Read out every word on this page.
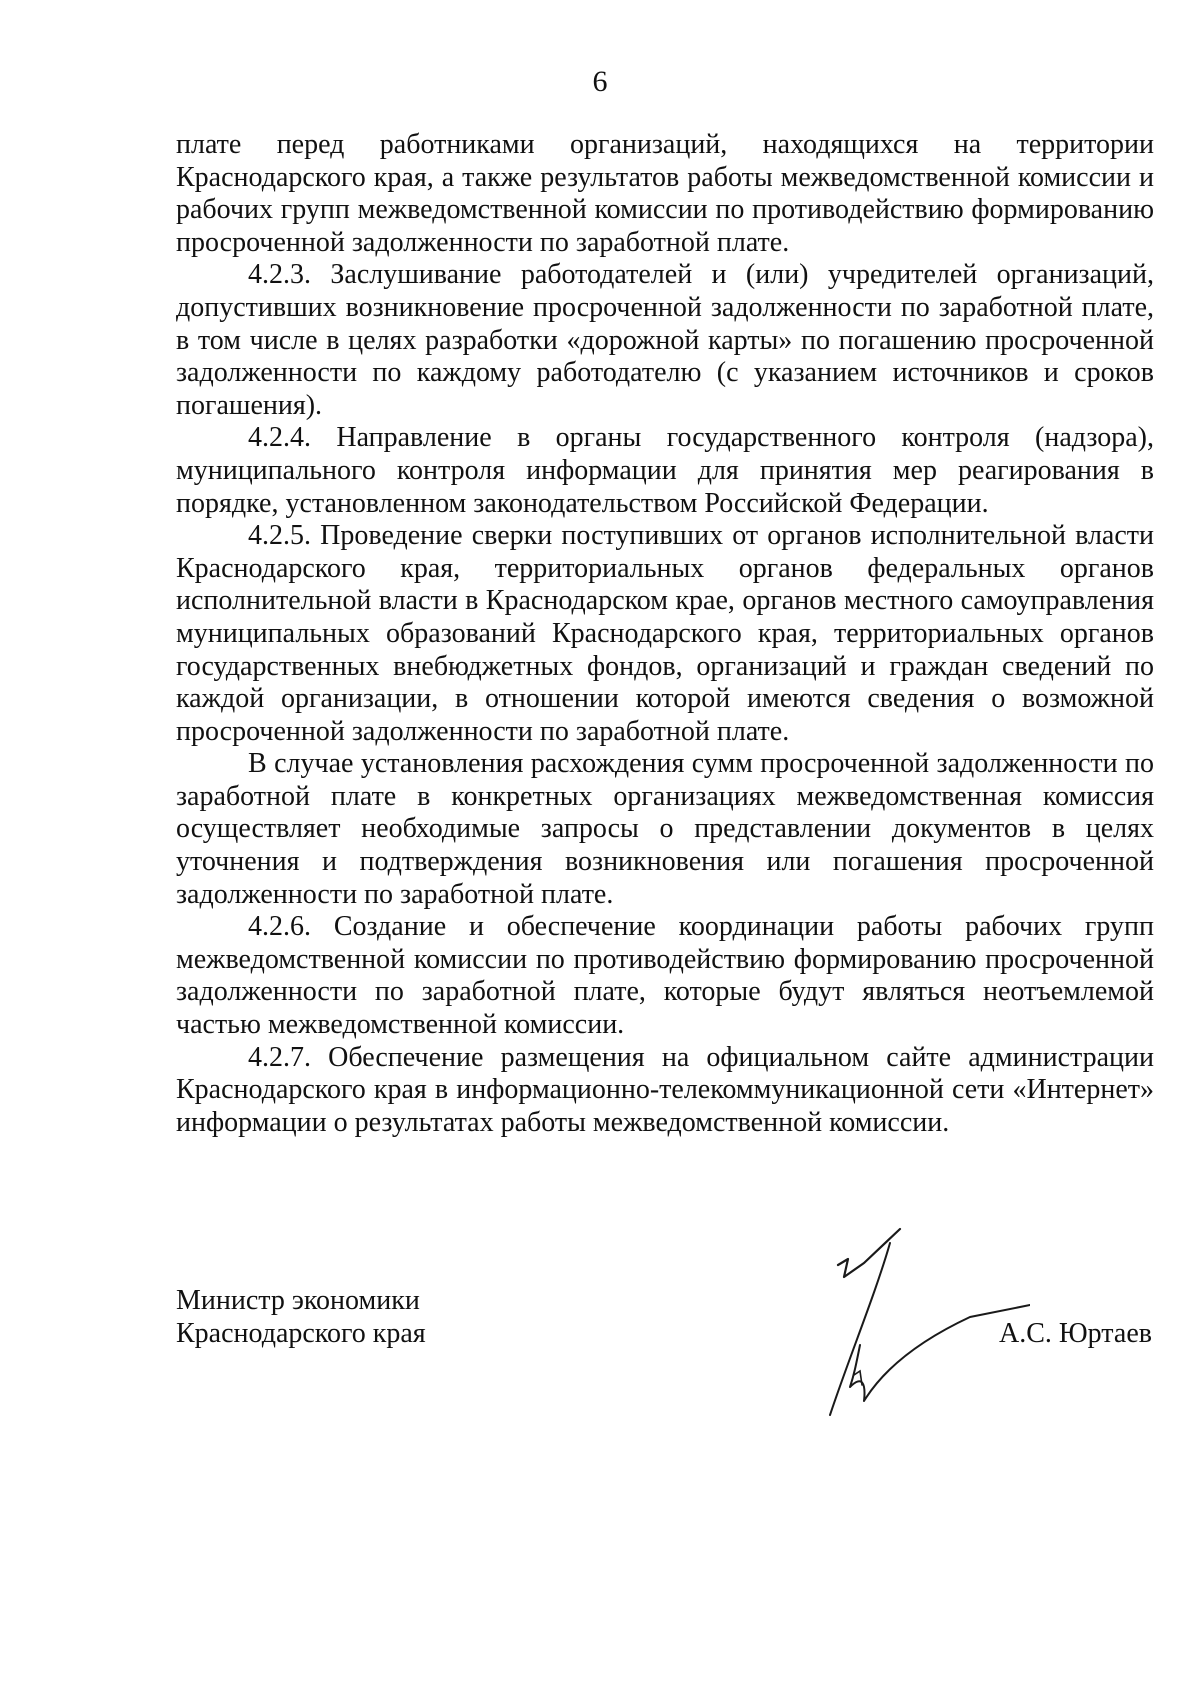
6

плате перед работниками организаций, находящихся на территории Краснодарского края, а также результатов работы межведомственной комиссии и рабочих групп межведомственной комиссии по противодействию формированию просроченной задолженности по заработной плате.

4.2.3. Заслушивание работодателей и (или) учредителей организаций, допустивших возникновение просроченной задолженности по заработной плате, в том числе в целях разработки «дорожной карты» по погашению просроченной задолженности по каждому работодателю (с указанием источников и сроков погашения).

4.2.4. Направление в органы государственного контроля (надзора), муниципального контроля информации для принятия мер реагирования в порядке, установленном законодательством Российской Федерации.

4.2.5. Проведение сверки поступивших от органов исполнительной власти Краснодарского края, территориальных органов федеральных органов исполнительной власти в Краснодарском крае, органов местного самоуправления муниципальных образований Краснодарского края, территориальных органов государственных внебюджетных фондов, организаций и граждан сведений по каждой организации, в отношении которой имеются сведения о возможной просроченной задолженности по заработной плате.

В случае установления расхождения сумм просроченной задолженности по заработной плате в конкретных организациях межведомственная комиссия осуществляет необходимые запросы о представлении документов в целях уточнения и подтверждения возникновения или погашения просроченной задолженности по заработной плате.

4.2.6. Создание и обеспечение координации работы рабочих групп межведомственной комиссии по противодействию формированию просроченной задолженности по заработной плате, которые будут являться неотъемлемой частью межведомственной комиссии.

4.2.7. Обеспечение размещения на официальном сайте администрации Краснодарского края в информационно-телекоммуникационной сети «Интернет» информации о результатах работы межведомственной комиссии.

Министр экономики
Краснодарского края	А.С. Юртаев
